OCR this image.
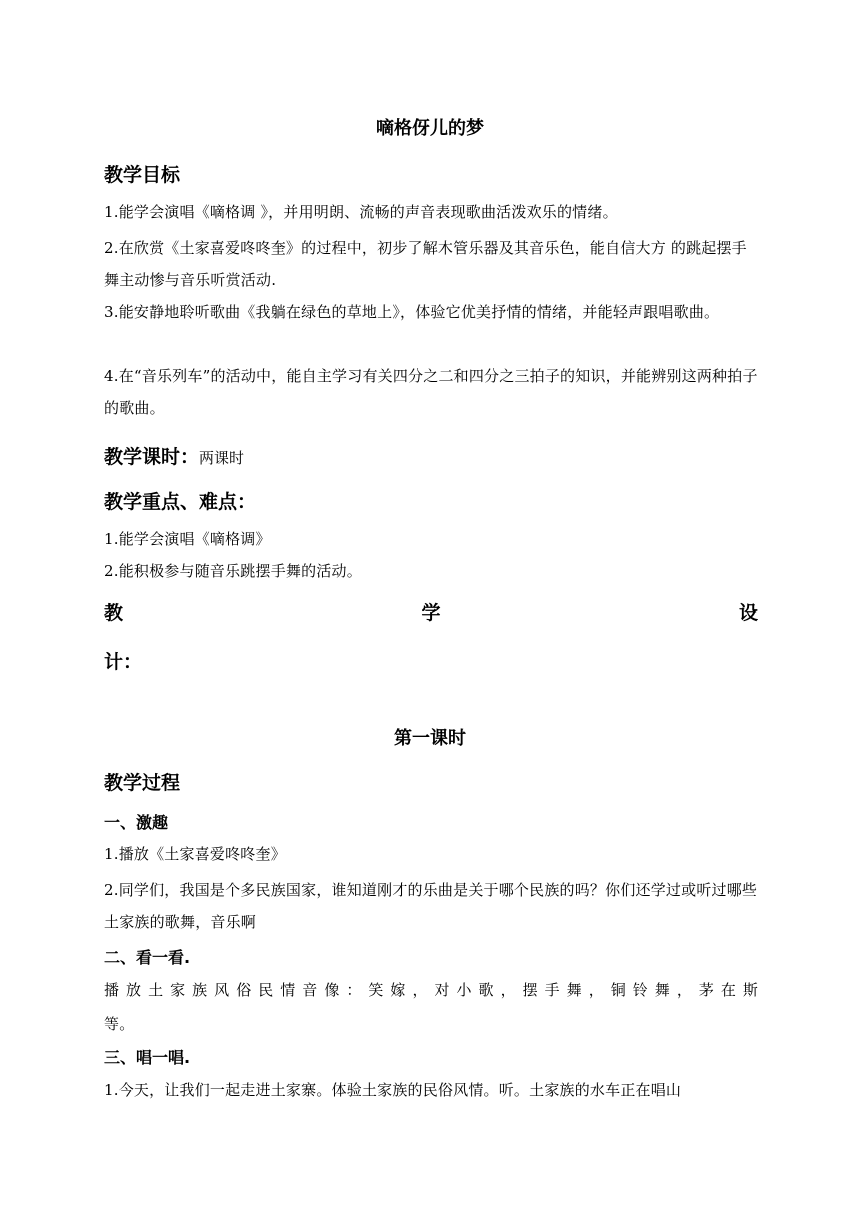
嘀格伢儿的梦
教学目标
1.能学会演唱《嘀格调 》，并用明朗、流畅的声音表现歌曲活泼欢乐的情绪。
2.在欣赏《土家喜爱咚咚奎》的过程中，初步了解木管乐器及其音乐色，能自信大方 的跳起摆手舞主动惨与音乐听赏活动.
3.能安静地聆听歌曲《我躺在绿色的草地上》，体验它优美抒情的情绪，并能轻声跟唱歌曲。
4.在“音乐列车”的活动中，能自主学习有关四分之二和四分之三拍子的知识，并能辨别这两种拍子的歌曲。
教学课时：两课时
教学重点、难点：
1.能学会演唱《嘀格调》
2.能积极参与随音乐跳摆手舞的活动。
教	学	设
计：
第一课时
教学过程
一、激趣
1.播放《土家喜爱咚咚奎》
2.同学们，我国是个多民族国家，谁知道刚才的乐曲是关于哪个民族的吗？你们还学过或听过哪些土家族的歌舞，音乐啊
二、看一看.
播 放 土 家 族 风 俗 民 情 音 像 ： 笑 嫁 ， 对 小 歌 ， 摆 手 舞 ， 铜 铃 舞 ， 茅 在 斯
等。
三、唱一唱.
1.今天，让我们一起走进土家寨。体验土家族的民俗风情。听。土家族的水车正在唱山
